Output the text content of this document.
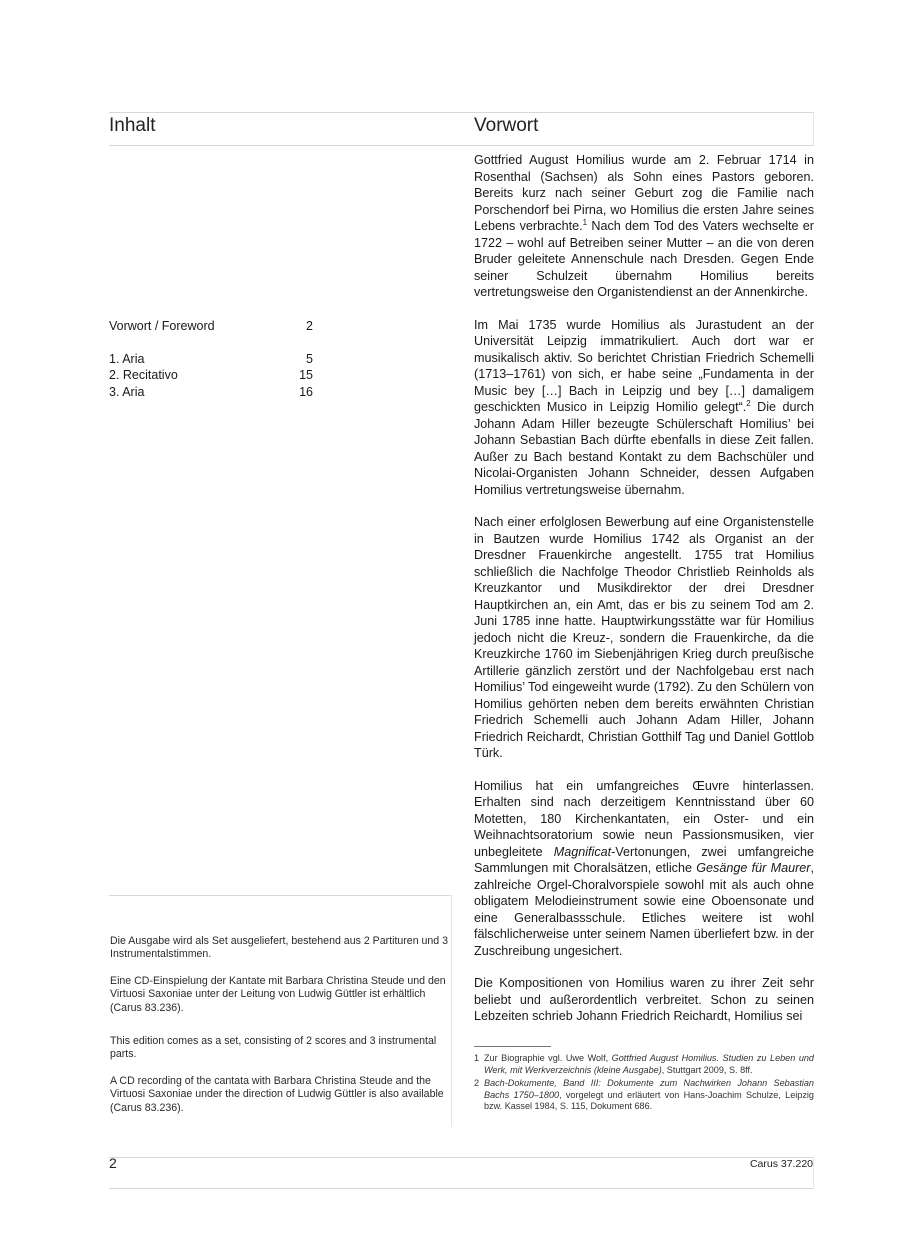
Inhalt	Vorwort
Vorwort / Foreword	2
1. Aria	5
2. Recitativo	15
3. Aria	16

Die Ausgabe wird als Set ausgeliefert, bestehend aus 2 Partituren und 3 Instrumentalstimmen.

Eine CD-Einspielung der Kantate mit Barbara Christina Steude und den Virtuosi Saxoniae unter der Leitung von Ludwig Güttler ist erhältlich (Carus 83.236).

This edition comes as a set, consisting of 2 scores and 3 instrumental parts.

A CD recording of the cantata with Barbara Christina Steude and the Virtuosi Saxoniae under the direction of Ludwig Güttler is also available (Carus 83.236).

Gottfried August Homilius wurde am 2. Februar 1714 in Rosenthal (Sachsen) als Sohn eines Pastors geboren. Bereits kurz nach seiner Geburt zog die Familie nach Porschendorf bei Pirna, wo Homilius die ersten Jahre seines Lebens verbrachte.$^1$ Nach dem Tod des Vaters wechselte er 1722 – wohl auf Betreiben seiner Mutter – an die von deren Bruder geleitete Annenschule nach Dresden. Gegen Ende seiner Schulzeit übernahm Homilius bereits vertretungsweise den Organistendienst an der Annenkirche.

Im Mai 1735 wurde Homilius als Jurastudent an der Universität Leipzig immatrikuliert. Auch dort war er musikalisch aktiv. So berichtet Christian Friedrich Schemelli (1713–1761) von sich, er habe seine „Fundamenta in der Music bey […] Bach in Leipzig und bey […] damaligem geschickten Musico in Leipzig Homilio gelegt“.$^2$ Die durch Johann Adam Hiller bezeugte Schülerschaft Homilius’ bei Johann Sebastian Bach dürfte ebenfalls in diese Zeit fallen. Außer zu Bach bestand Kontakt zu dem Bachschüler und Nicolai-Organisten Johann Schneider, dessen Aufgaben Homilius vertretungsweise übernahm.

Nach einer erfolglosen Bewerbung auf eine Organistenstelle in Bautzen wurde Homilius 1742 als Organist an der Dresdner Frauenkirche angestellt. 1755 trat Homilius schließlich die Nachfolge Theodor Christlieb Reinholds als Kreuzkantor und Musikdirektor der drei Dresdner Hauptkirchen an, ein Amt, das er bis zu seinem Tod am 2. Juni 1785 inne hatte. Hauptwirkungsstätte war für Homilius jedoch nicht die Kreuz-, sondern die Frauenkirche, da die Kreuzkirche 1760 im Siebenjährigen Krieg durch preußische Artillerie gänzlich zerstört und der Nachfolgebau erst nach Homilius’ Tod eingeweiht wurde (1792). Zu den Schülern von Homilius gehörten neben dem bereits erwähnten Christian Friedrich Schemelli auch Johann Adam Hiller, Johann Friedrich Reichardt, Christian Gotthilf Tag und Daniel Gottlob Türk.

Homilius hat ein umfangreiches Œuvre hinterlassen. Erhalten sind nach derzeitigem Kenntnisstand über 60 Motetten, 180 Kirchenkantaten, ein Oster- und ein Weihnachtsoratorium sowie neun Passionsmusiken, vier unbegleitete Magnificat-Vertonungen, zwei umfangreiche Sammlungen mit Choralsätzen, etliche Gesänge für Maurer, zahlreiche Orgel-Choralvorspiele sowohl mit als auch ohne obligatem Melodieinstrument sowie eine Oboensonate und eine Generalbassschule. Etliches weitere ist wohl fälschlicherweise unter seinem Namen überliefert bzw. in der Zuschreibung ungesichert.

Die Kompositionen von Homilius waren zu ihrer Zeit sehr beliebt und außerordentlich verbreitet. Schon zu seinen Lebzeiten schrieb Johann Friedrich Reichardt, Homilius sei

1 Zur Biographie vgl. Uwe Wolf, Gottfried August Homilius. Studien zu Leben und Werk, mit Werkverzeichnis (kleine Ausgabe), Stuttgart 2009, S. 8ff.
2 Bach-Dokumente, Band III: Dokumente zum Nachwirken Johann Sebastian Bachs 1750–1800, vorgelegt und erläutert von Hans-Joachim Schulze, Leipzig bzw. Kassel 1984, S. 115, Dokument 686.
2	Carus 37.220
